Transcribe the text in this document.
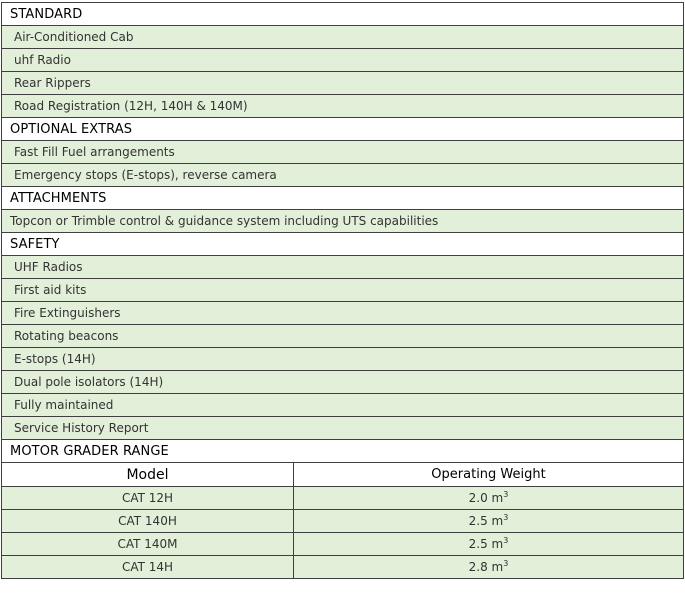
STANDARD	
Air-Conditioned Cab	
uhf Radio	
Rear Rippers	
Road Registration (12H, 140H & 140M)	
OPTIONAL EXTRAS	
Fast Fill Fuel arrangements	
Emergency stops (E-stops), reverse camera	
ATTACHMENTS	
Topcon or Trimble control & guidance system including UTS capabilities	
SAFETY	
UHF Radios	
First aid kits	
Fire Extinguishers	
Rotating beacons	
E-stops (14H)	
Dual pole isolators (14H)	
Fully maintained	
Service History Report	
MOTOR GRADER RANGE	
Model	Operating Weight
CAT 12H	2.0 $m^3$
CAT 140H	2.5 $m^3$
CAT 140M	2.5 $m^3$
CAT 14H	2.8 $m^3$
